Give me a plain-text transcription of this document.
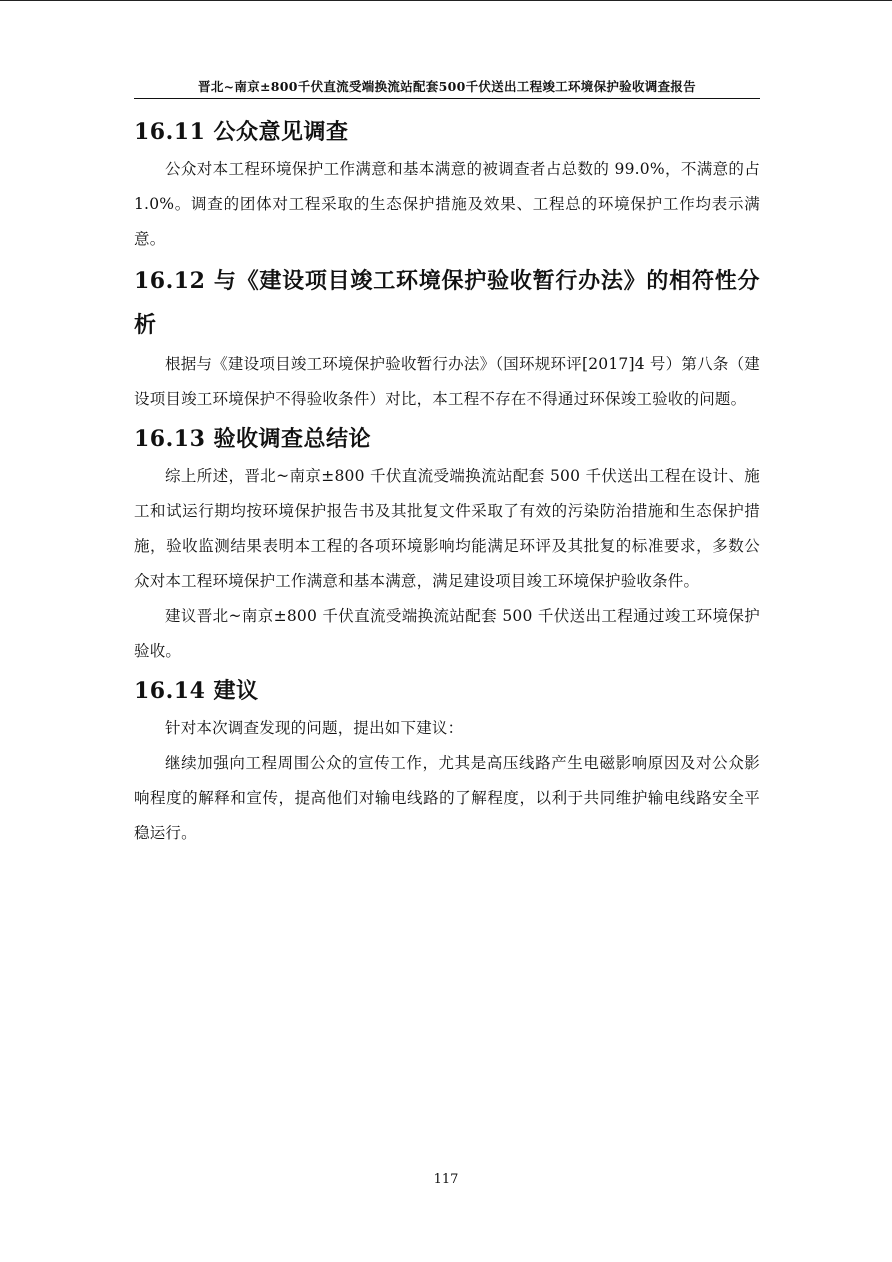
晋北~南京±800千伏直流受端换流站配套500千伏送出工程竣工环境保护验收调查报告
16.11 公众意见调查

公众对本工程环境保护工作满意和基本满意的被调查者占总数的 99.0%，不满意的占 1.0%。调查的团体对工程采取的生态保护措施及效果、工程总的环境保护工作均表示满意。

16.12 与《建设项目竣工环境保护验收暂行办法》的相符性分析

根据与《建设项目竣工环境保护验收暂行办法》（国环规环评[2017]4 号）第八条（建设项目竣工环境保护不得验收条件）对比，本工程不存在不得通过环保竣工验收的问题。

16.13 验收调查总结论

综上所述，晋北~南京±800 千伏直流受端换流站配套 500 千伏送出工程在设计、施工和试运行期均按环境保护报告书及其批复文件采取了有效的污染防治措施和生态保护措施，验收监测结果表明本工程的各项环境影响均能满足环评及其批复的标准要求，多数公众对本工程环境保护工作满意和基本满意，满足建设项目竣工环境保护验收条件。

建议晋北~南京±800 千伏直流受端换流站配套 500 千伏送出工程通过竣工环境保护验收。

16.14 建议

针对本次调查发现的问题，提出如下建议：

继续加强向工程周围公众的宣传工作，尤其是高压线路产生电磁影响原因及对公众影响程度的解释和宣传，提高他们对输电线路的了解程度，以利于共同维护输电线路安全平稳运行。

117
